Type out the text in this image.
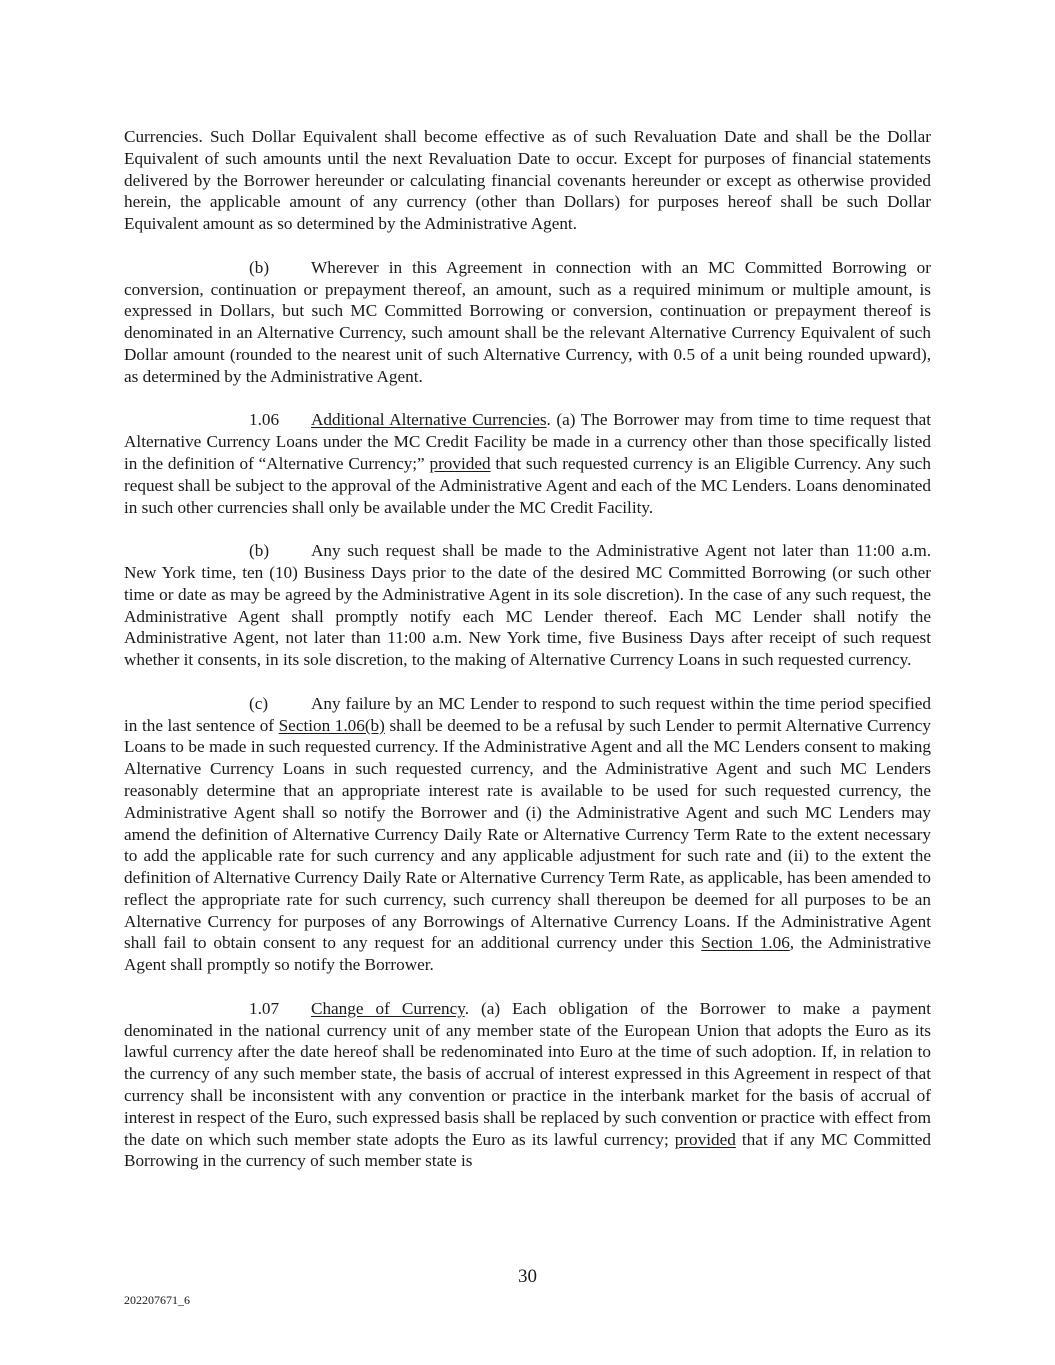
Currencies. Such Dollar Equivalent shall become effective as of such Revaluation Date and shall be the Dollar Equivalent of such amounts until the next Revaluation Date to occur. Except for purposes of financial statements delivered by the Borrower hereunder or calculating financial covenants hereunder or except as otherwise provided herein, the applicable amount of any currency (other than Dollars) for purposes hereof shall be such Dollar Equivalent amount as so determined by the Administrative Agent.

(b) Wherever in this Agreement in connection with an MC Committed Borrowing or conversion, continuation or prepayment thereof, an amount, such as a required minimum or multiple amount, is expressed in Dollars, but such MC Committed Borrowing or conversion, continuation or prepayment thereof is denominated in an Alternative Currency, such amount shall be the relevant Alternative Currency Equivalent of such Dollar amount (rounded to the nearest unit of such Alternative Currency, with 0.5 of a unit being rounded upward), as determined by the Administrative Agent.

1.06 Additional Alternative Currencies. (a) The Borrower may from time to time request that Alternative Currency Loans under the MC Credit Facility be made in a currency other than those specifically listed in the definition of “Alternative Currency;” provided that such requested currency is an Eligible Currency. Any such request shall be subject to the approval of the Administrative Agent and each of the MC Lenders. Loans denominated in such other currencies shall only be available under the MC Credit Facility.

(b) Any such request shall be made to the Administrative Agent not later than 11:00 a.m. New York time, ten (10) Business Days prior to the date of the desired MC Committed Borrowing (or such other time or date as may be agreed by the Administrative Agent in its sole discretion). In the case of any such request, the Administrative Agent shall promptly notify each MC Lender thereof. Each MC Lender shall notify the Administrative Agent, not later than 11:00 a.m. New York time, five Business Days after receipt of such request whether it consents, in its sole discretion, to the making of Alternative Currency Loans in such requested currency.

(c) Any failure by an MC Lender to respond to such request within the time period specified in the last sentence of Section 1.06(b) shall be deemed to be a refusal by such Lender to permit Alternative Currency Loans to be made in such requested currency. If the Administrative Agent and all the MC Lenders consent to making Alternative Currency Loans in such requested currency, and the Administrative Agent and such MC Lenders reasonably determine that an appropriate interest rate is available to be used for such requested currency, the Administrative Agent shall so notify the Borrower and (i) the Administrative Agent and such MC Lenders may amend the definition of Alternative Currency Daily Rate or Alternative Currency Term Rate to the extent necessary to add the applicable rate for such currency and any applicable adjustment for such rate and (ii) to the extent the definition of Alternative Currency Daily Rate or Alternative Currency Term Rate, as applicable, has been amended to reflect the appropriate rate for such currency, such currency shall thereupon be deemed for all purposes to be an Alternative Currency for purposes of any Borrowings of Alternative Currency Loans. If the Administrative Agent shall fail to obtain consent to any request for an additional currency under this Section 1.06, the Administrative Agent shall promptly so notify the Borrower.

1.07 Change of Currency. (a) Each obligation of the Borrower to make a payment denominated in the national currency unit of any member state of the European Union that adopts the Euro as its lawful currency after the date hereof shall be redenominated into Euro at the time of such adoption. If, in relation to the currency of any such member state, the basis of accrual of interest expressed in this Agreement in respect of that currency shall be inconsistent with any convention or practice in the interbank market for the basis of accrual of interest in respect of the Euro, such expressed basis shall be replaced by such convention or practice with effect from the date on which such member state adopts the Euro as its lawful currency; provided that if any MC Committed Borrowing in the currency of such member state is

30
202207671_6
